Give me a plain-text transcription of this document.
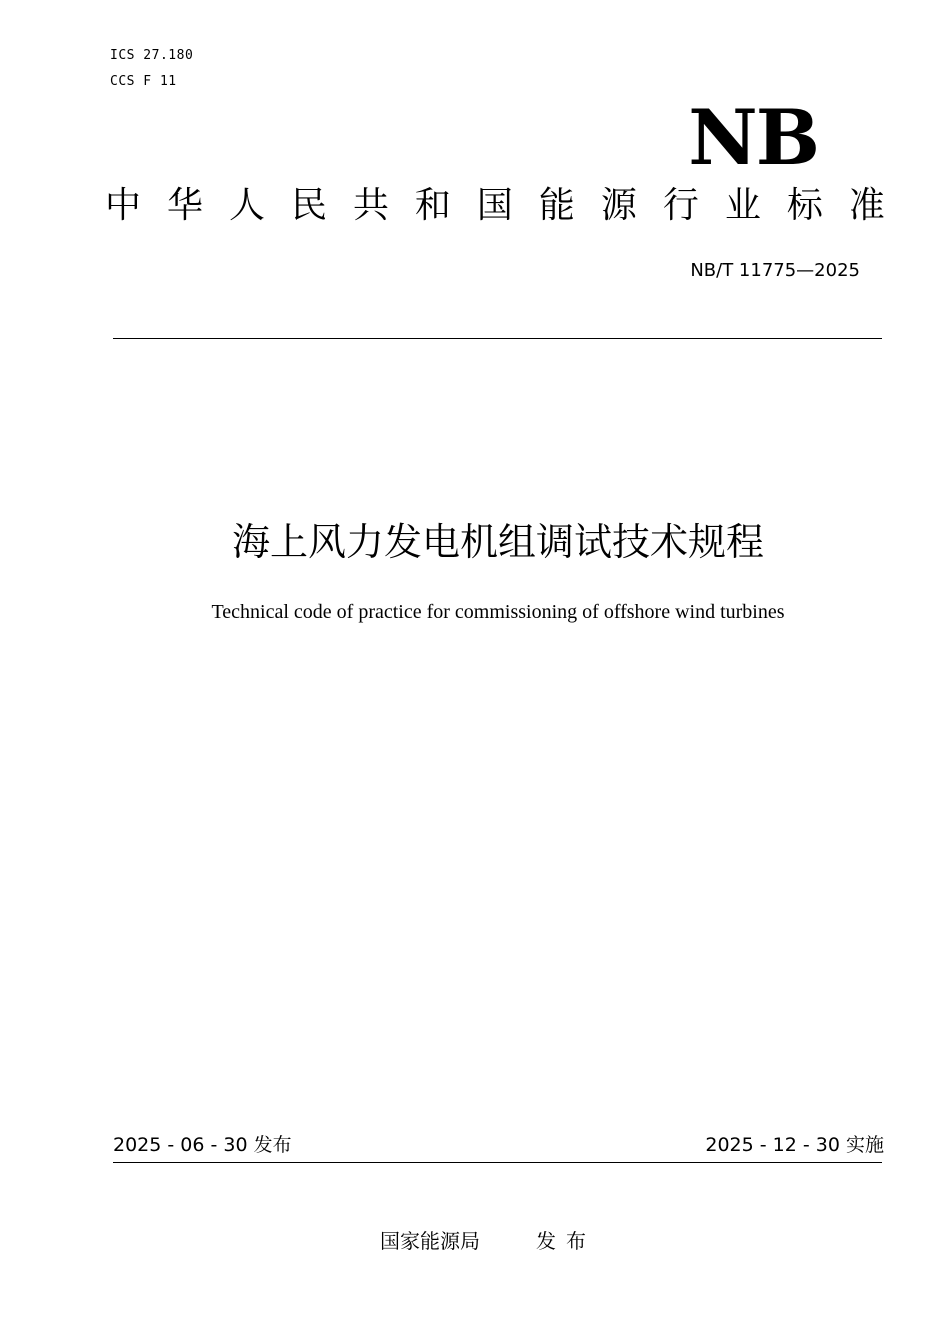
ICS 27.180
CCS F 11
NB
中 华 人 民 共 和 国 能 源 行 业 标 准
NB/T 11775—2025
海上风力发电机组调试技术规程
Technical code of practice for commissioning of offshore wind turbines
2025 - 06 - 30 发布	2025 - 12 - 30 实施
国家能源局	发布
